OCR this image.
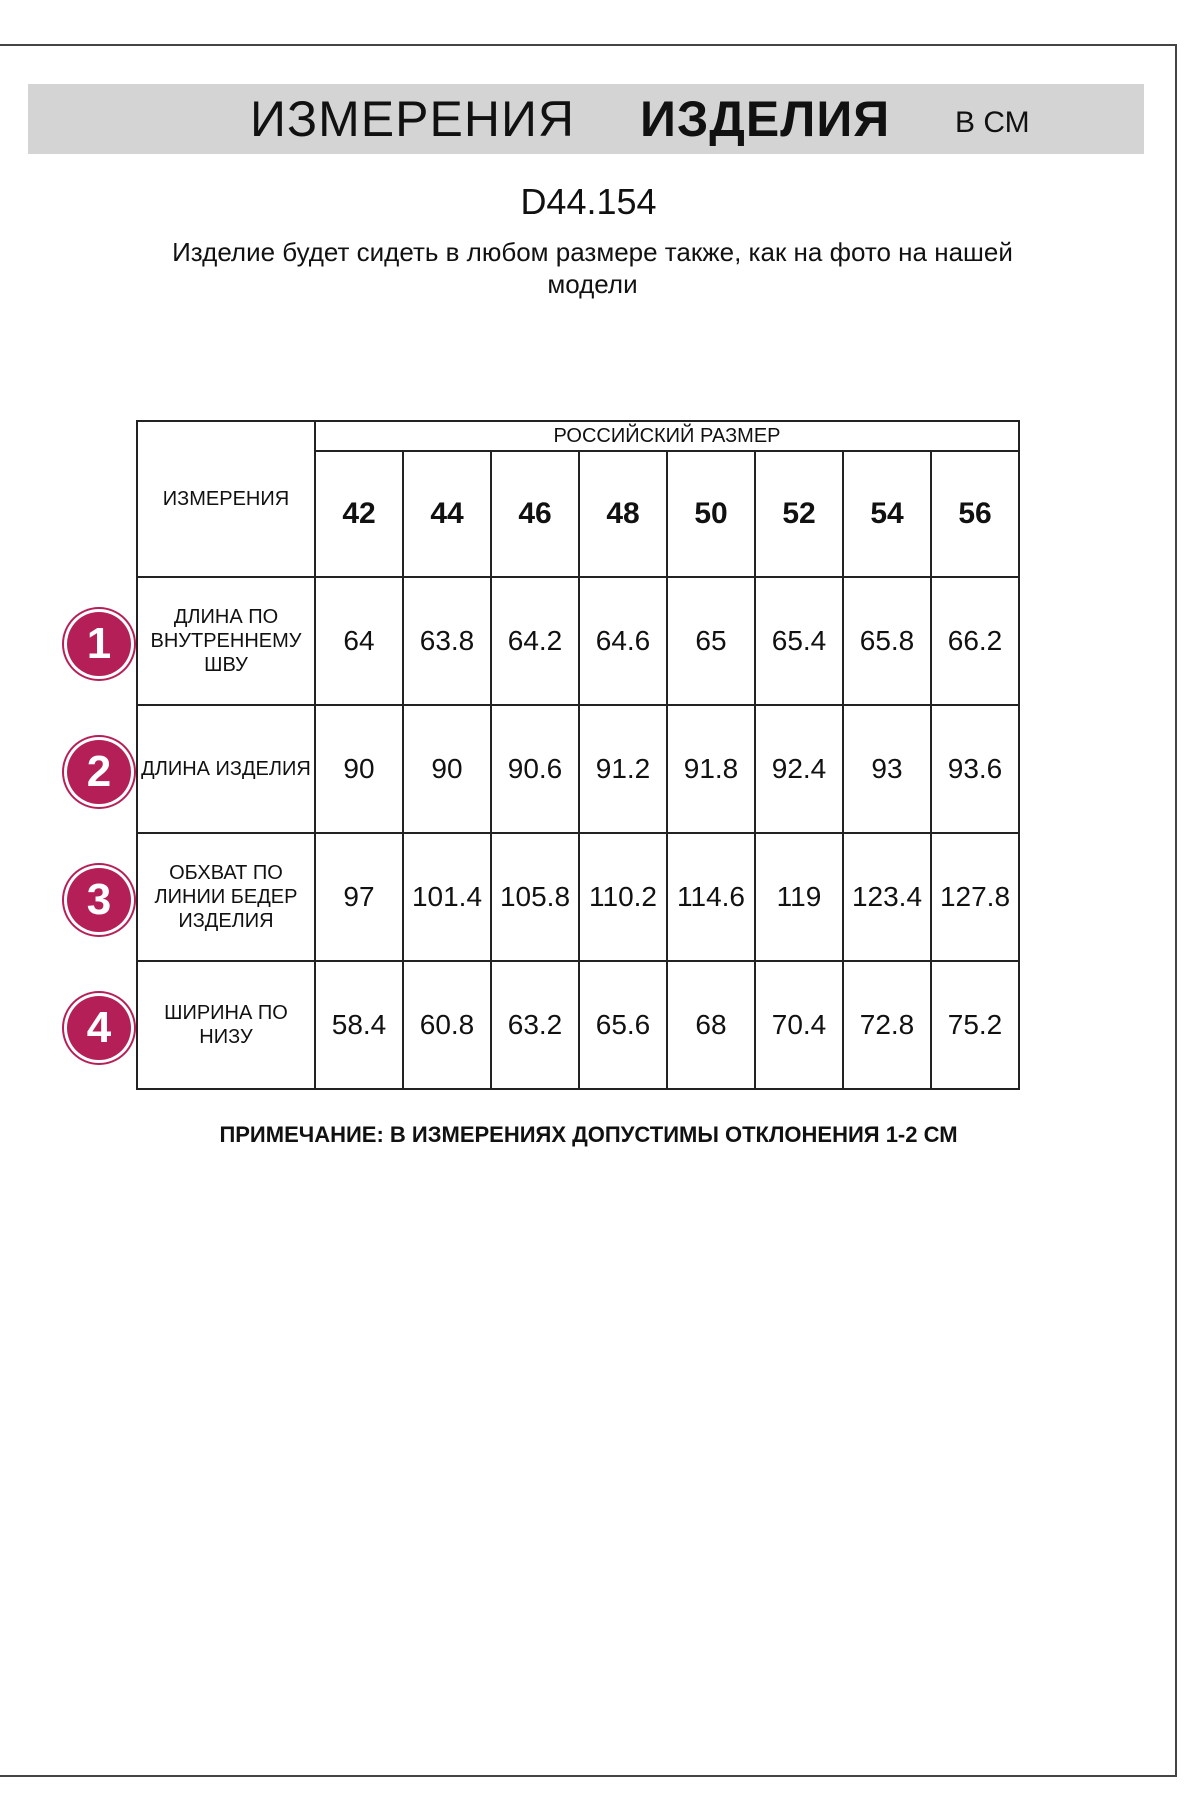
ИЗМЕРЕНИЯ ИЗДЕЛИЯ В СМ
D44.154
Изделие будет сидеть в любом размере также, как на фото на нашей модели
ИЗМЕРЕНИЯ	РОССИЙСКИЙ РАЗМЕР							
	42	44	46	48	50	52	54	56
ДЛИНА ПО ВНУТРЕННЕМУ ШВУ	64	63.8	64.2	64.6	65	65.4	65.8	66.2
ДЛИНА ИЗДЕЛИЯ	90	90	90.6	91.2	91.8	92.4	93	93.6
ОБХВАТ ПО ЛИНИИ БЕДЕР ИЗДЕЛИЯ	97	101.4	105.8	110.2	114.6	119	123.4	127.8
ШИРИНА ПО НИЗУ	58.4	60.8	63.2	65.6	68	70.4	72.8	75.2
1
2
3
4
ПРИМЕЧАНИЕ: В ИЗМЕРЕНИЯХ ДОПУСТИМЫ ОТКЛОНЕНИЯ 1-2 СМ
